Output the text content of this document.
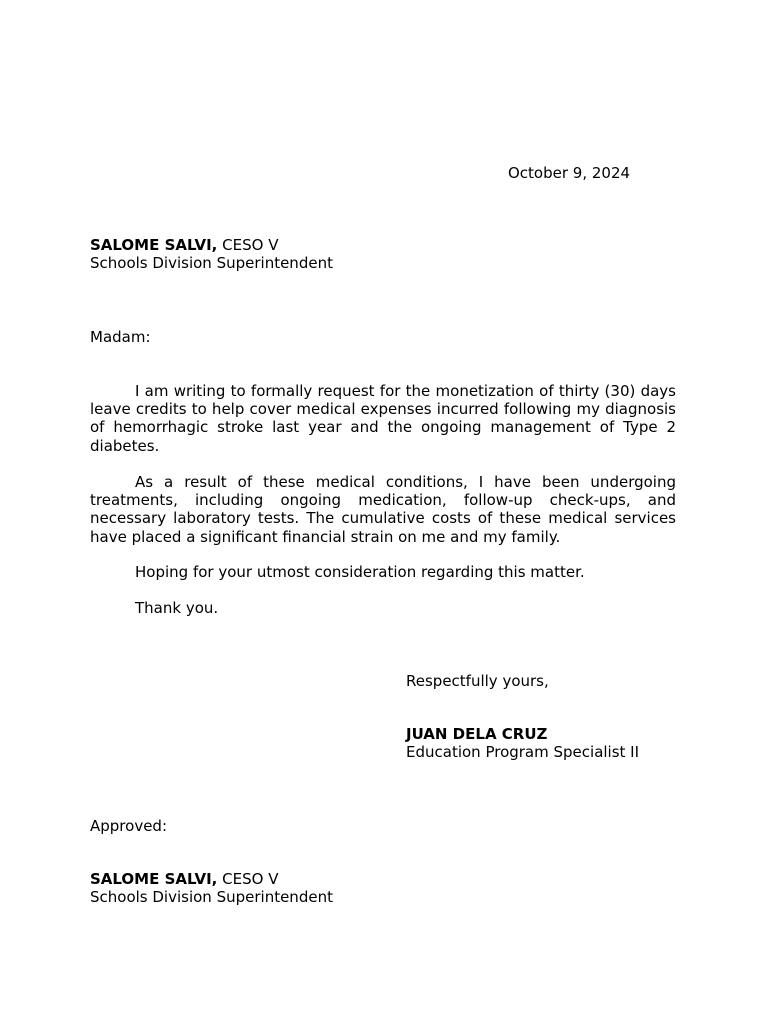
October 9, 2024
SALOME SALVI, CESO V
Schools Division Superintendent
Madam:
I am writing to formally request for the monetization of thirty (30) days leave credits to help cover medical expenses incurred following my diagnosis of hemorrhagic stroke last year and the ongoing management of Type 2 diabetes.
As a result of these medical conditions, I have been undergoing treatments, including ongoing medication, follow-up check-ups, and necessary laboratory tests. The cumulative costs of these medical services have placed a significant financial strain on me and my family.
Hoping for your utmost consideration regarding this matter.
Thank you.
Respectfully yours,
JUAN DELA CRUZ
Education Program Specialist II
Approved:
SALOME SALVI, CESO V
Schools Division Superintendent
